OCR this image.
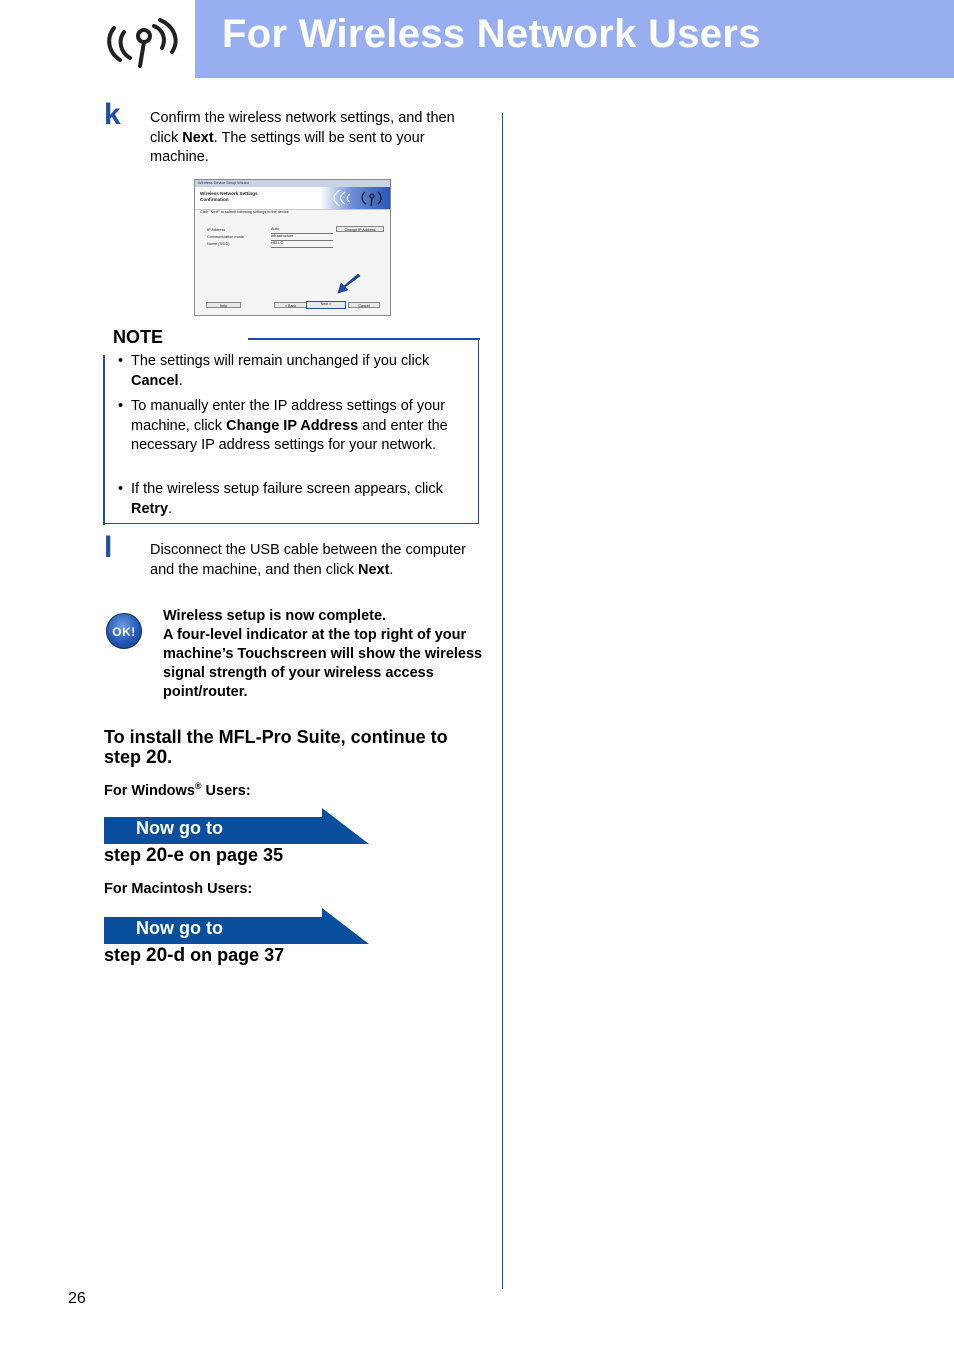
For Wireless Network Users
k Confirm the wireless network settings, and then click Next. The settings will be sent to your machine.
Wireless Device Setup Wizard
Wireless Network Settings
Confirmation
Click "Next" to submit following settings to the device
IP Address	Auto
Communication mode	Infrastructure
Name (SSID)	HELLO
Change IP Address
Help	< Back	Next >	Cancel
NOTE
• The settings will remain unchanged if you click Cancel.
• To manually enter the IP address settings of your machine, click Change IP Address and enter the necessary IP address settings for your network.
• If the wireless setup failure screen appears, click Retry.
l	Disconnect the USB cable between the computer and the machine, and then click Next.
OK!
Wireless setup is now complete.
A four-level indicator at the top right of your machine’s Touchscreen will show the wireless signal strength of your wireless access point/router.
To install the MFL-Pro Suite, continue to step 20.
For Windows® Users:
Now go to
step 20-e on page 35
For Macintosh Users:
Now go to
step 20-d on page 37
26
